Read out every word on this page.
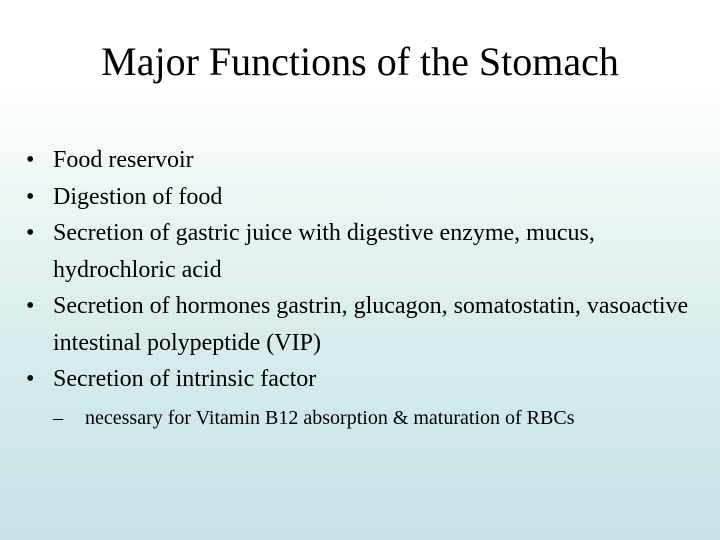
Major Functions of the Stomach
• Food reservoir
• Digestion of food
• Secretion of gastric juice with digestive enzyme, mucus, hydrochloric acid
• Secretion of hormones gastrin, glucagon, somatostatin, vasoactive intestinal polypeptide (VIP)
• Secretion of intrinsic factor
– necessary for Vitamin B12 absorption & maturation of RBCs
